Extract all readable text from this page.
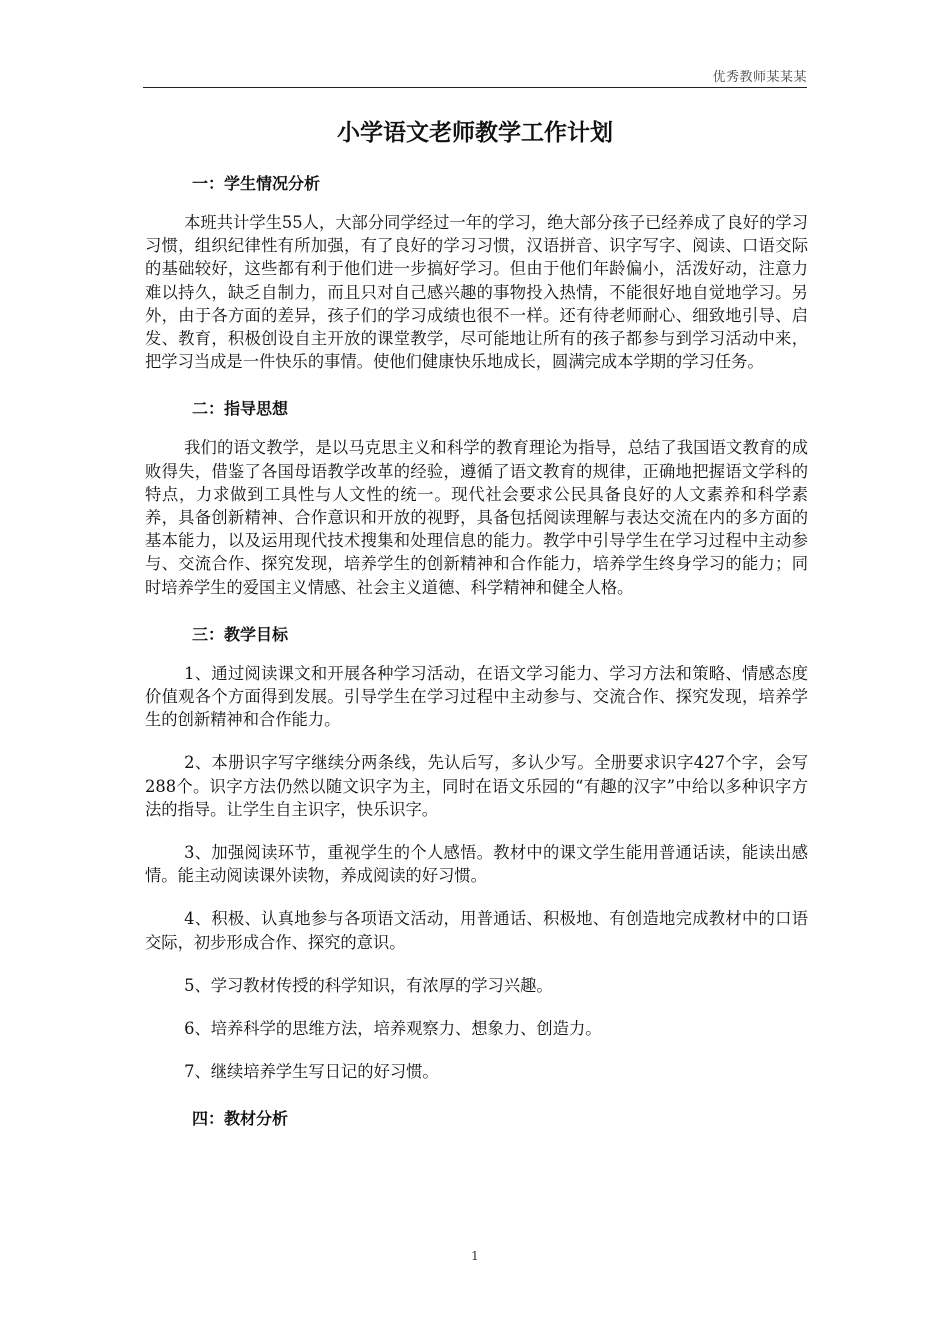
优秀教师某某某
小学语文老师教学工作计划
一：学生情况分析

本班共计学生55人，大部分同学经过一年的学习，绝大部分孩子已经养成了良好的学习习惯，组织纪律性有所加强，有了良好的学习习惯，汉语拼音、识字写字、阅读、口语交际的基础较好，这些都有利于他们进一步搞好学习。但由于他们年龄偏小，活泼好动，注意力难以持久，缺乏自制力，而且只对自己感兴趣的事物投入热情，不能很好地自觉地学习。另外，由于各方面的差异，孩子们的学习成绩也很不一样。还有待老师耐心、细致地引导、启发、教育，积极创设自主开放的课堂教学，尽可能地让所有的孩子都参与到学习活动中来，把学习当成是一件快乐的事情。使他们健康快乐地成长，圆满完成本学期的学习任务。

二：指导思想

我们的语文教学，是以马克思主义和科学的教育理论为指导，总结了我国语文教育的成败得失，借鉴了各国母语教学改革的经验，遵循了语文教育的规律，正确地把握语文学科的特点，力求做到工具性与人文性的统一。现代社会要求公民具备良好的人文素养和科学素养，具备创新精神、合作意识和开放的视野，具备包括阅读理解与表达交流在内的多方面的基本能力，以及运用现代技术搜集和处理信息的能力。教学中引导学生在学习过程中主动参与、交流合作、探究发现，培养学生的创新精神和合作能力，培养学生终身学习的能力；同时培养学生的爱国主义情感、社会主义道德、科学精神和健全人格。

三：教学目标

1、通过阅读课文和开展各种学习活动，在语文学习能力、学习方法和策略、情感态度价值观各个方面得到发展。引导学生在学习过程中主动参与、交流合作、探究发现，培养学生的创新精神和合作能力。

2、本册识字写字继续分两条线，先认后写，多认少写。全册要求识字427个字，会写288个。识字方法仍然以随文识字为主，同时在语文乐园的“有趣的汉字”中给以多种识字方法的指导。让学生自主识字，快乐识字。

3、加强阅读环节，重视学生的个人感悟。教材中的课文学生能用普通话读，能读出感情。能主动阅读课外读物，养成阅读的好习惯。

4、积极、认真地参与各项语文活动，用普通话、积极地、有创造地完成教材中的口语交际，初步形成合作、探究的意识。

5、学习教材传授的科学知识，有浓厚的学习兴趣。

6、培养科学的思维方法，培养观察力、想象力、创造力。

7、继续培养学生写日记的好习惯。

四：教材分析
1
